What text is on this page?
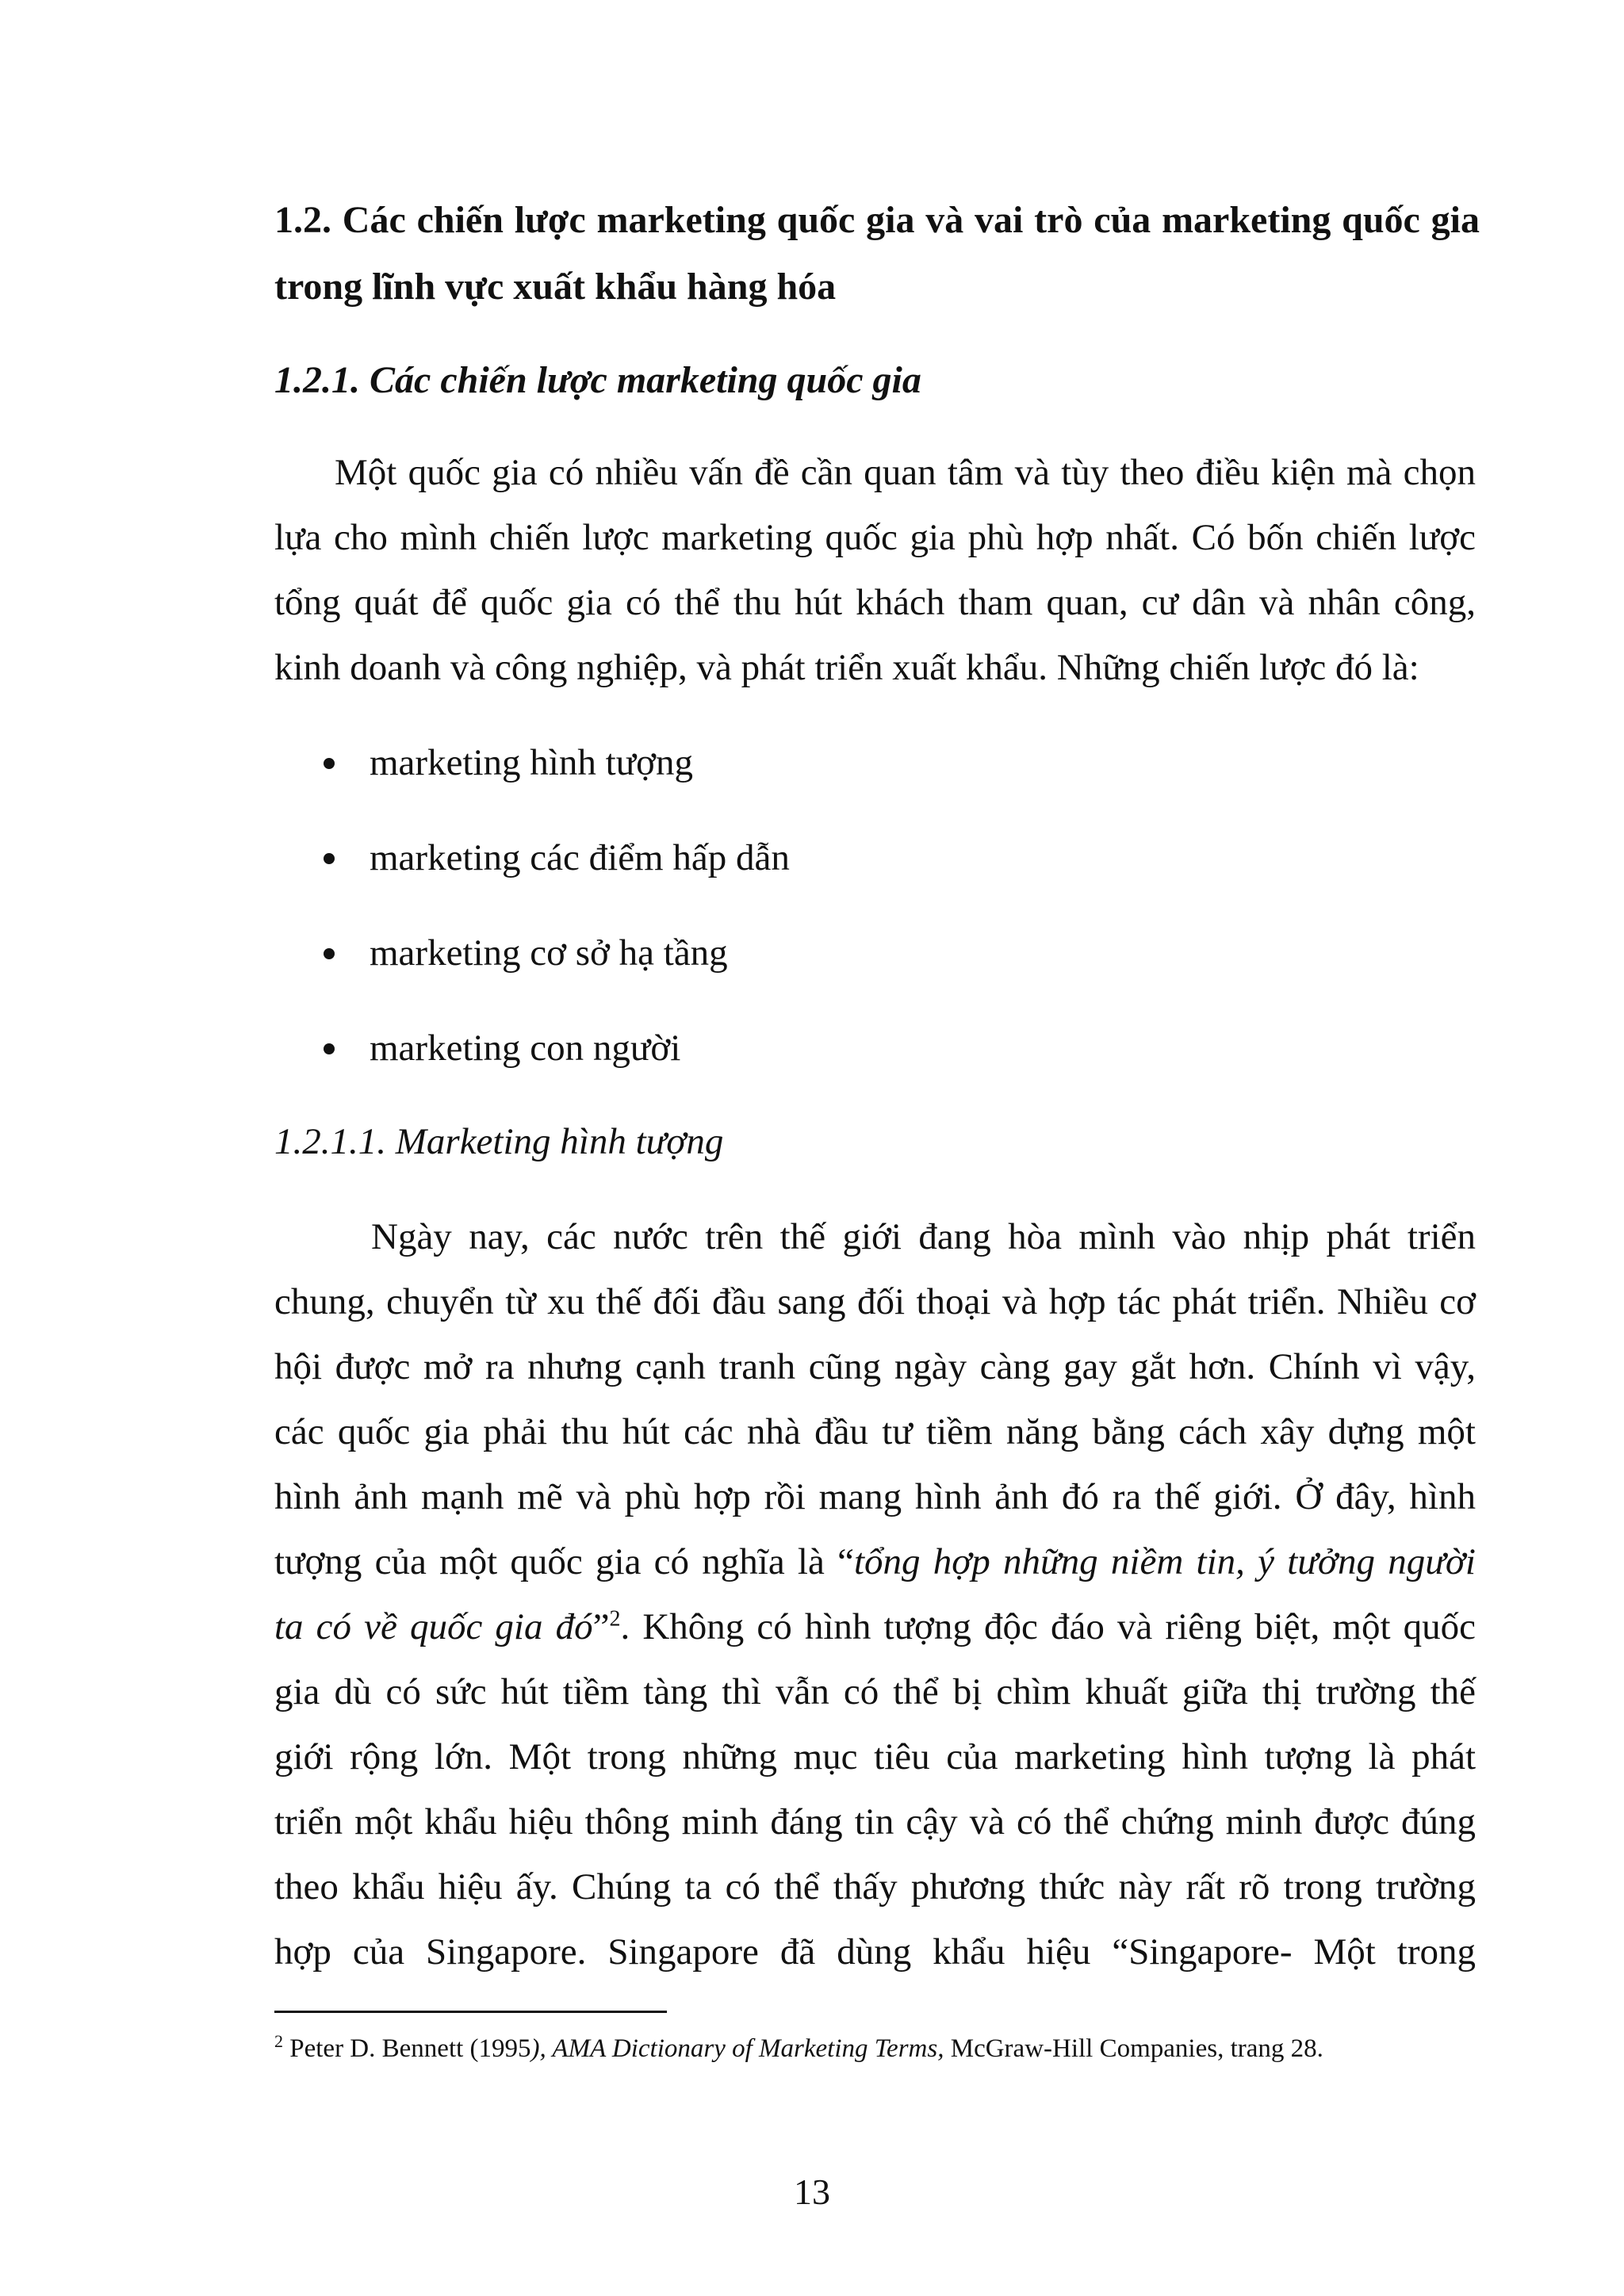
1.2. Các chiến lược marketing quốc gia và vai trò của marketing quốc gia
trong lĩnh vực xuất khẩu hàng hóa
1.2.1. Các chiến lược marketing quốc gia
Một quốc gia có nhiều vấn đề cần quan tâm và tùy theo điều kiện mà chọn
lựa cho mình chiến lược marketing quốc gia phù hợp nhất. Có bốn chiến lược
tổng quát để quốc gia có thể thu hút khách tham quan, cư dân và nhân công,
kinh doanh và công nghiệp, và phát triển xuất khẩu. Những chiến lược đó là:
marketing hình tượng
marketing các điểm hấp dẫn
marketing cơ sở hạ tầng
marketing con người
1.2.1.1. Marketing hình tượng
Ngày nay, các nước trên thế giới đang hòa mình vào nhịp phát triển
chung, chuyển từ xu thế đối đầu sang đối thoại và hợp tác phát triển. Nhiều cơ
hội được mở ra nhưng cạnh tranh cũng ngày càng gay gắt hơn. Chính vì vậy,
các quốc gia phải thu hút các nhà đầu tư tiềm năng bằng cách xây dựng một
hình ảnh mạnh mẽ và phù hợp rồi mang hình ảnh đó ra thế giới. Ở đây, hình
tượng của một quốc gia có nghĩa là “tổng hợp những niềm tin, ý tưởng người
ta có về quốc gia đó”$^2$. Không có hình tượng độc đáo và riêng biệt, một quốc
gia dù có sức hút tiềm tàng thì vẫn có thể bị chìm khuất giữa thị trường thế
giới rộng lớn. Một trong những mục tiêu của marketing hình tượng là phát
triển một khẩu hiệu thông minh đáng tin cậy và có thể chứng minh được đúng
theo khẩu hiệu ấy. Chúng ta có thể thấy phương thức này rất rõ trong trường
hợp của Singapore. Singapore đã dùng khẩu hiệu “Singapore- Một trong
$^2$ Peter D. Bennett (1995), AMA Dictionary of Marketing Terms, McGraw-Hill Companies, trang 28.
13
